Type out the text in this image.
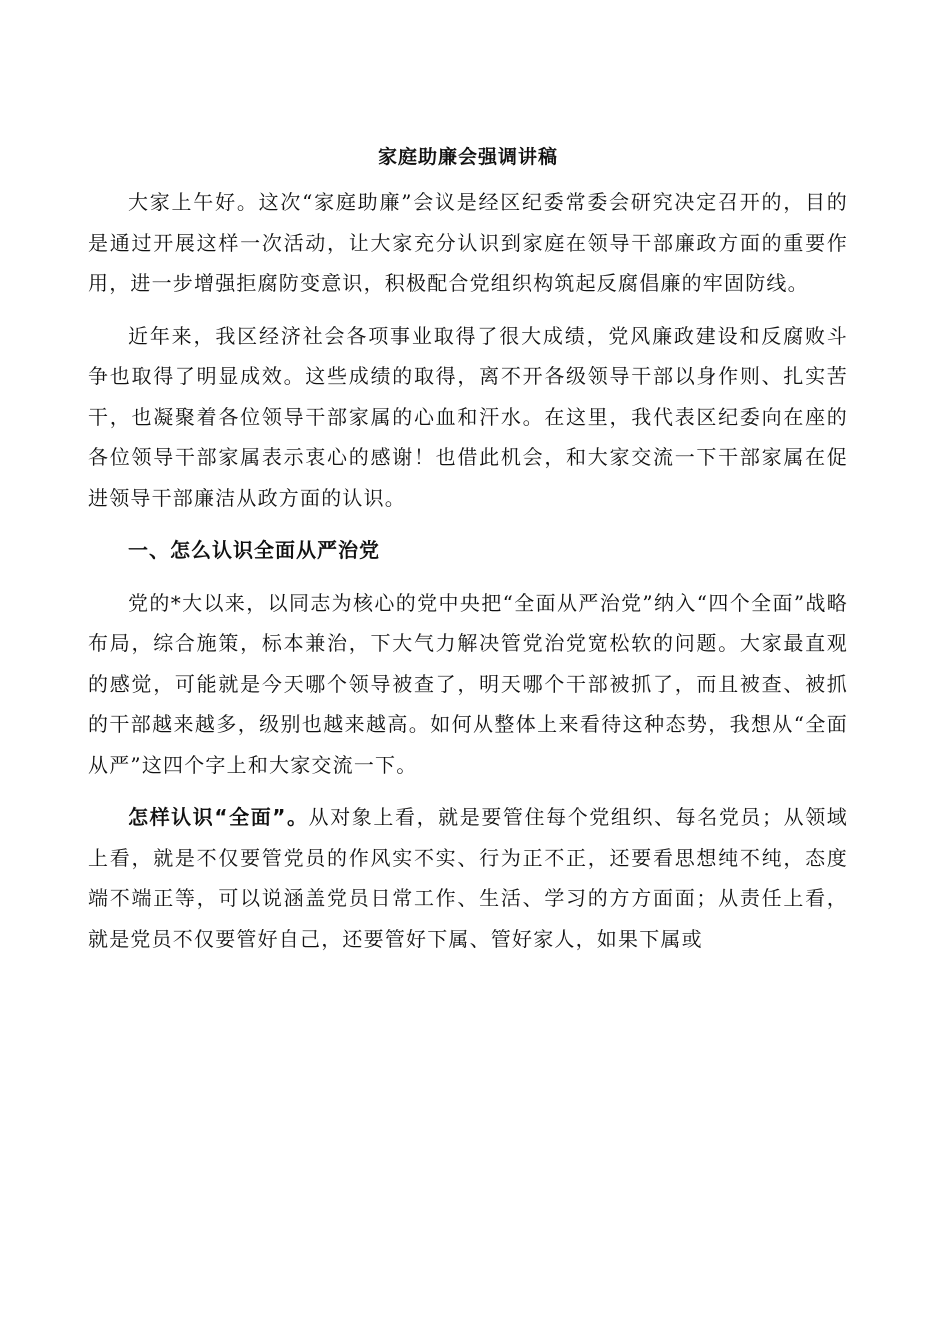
家庭助廉会强调讲稿

大家上午好。这次“家庭助廉”会议是经区纪委常委会研究决定召开的，目的是通过开展这样一次活动，让大家充分认识到家庭在领导干部廉政方面的重要作用，进一步增强拒腐防变意识，积极配合党组织构筑起反腐倡廉的牢固防线。

近年来，我区经济社会各项事业取得了很大成绩，党风廉政建设和反腐败斗争也取得了明显成效。这些成绩的取得，离不开各级领导干部以身作则、扎实苦干，也凝聚着各位领导干部家属的心血和汗水。在这里，我代表区纪委向在座的各位领导干部家属表示衷心的感谢！也借此机会，和大家交流一下干部家属在促进领导干部廉洁从政方面的认识。

一、怎么认识全面从严治党

党的*大以来，以同志为核心的党中央把“全面从严治党”纳入“四个全面”战略布局，综合施策，标本兼治，下大气力解决管党治党宽松软的问题。大家最直观的感觉，可能就是今天哪个领导被查了，明天哪个干部被抓了，而且被查、被抓的干部越来越多，级别也越来越高。如何从整体上来看待这种态势，我想从“全面从严”这四个字上和大家交流一下。

怎样认识“全面”。从对象上看，就是要管住每个党组织、每名党员；从领域上看，就是不仅要管党员的作风实不实、行为正不正，还要看思想纯不纯，态度端不端正等，可以说涵盖党员日常工作、生活、学习的方方面面；从责任上看，就是党员不仅要管好自己，还要管好下属、管好家人，如果下属或
